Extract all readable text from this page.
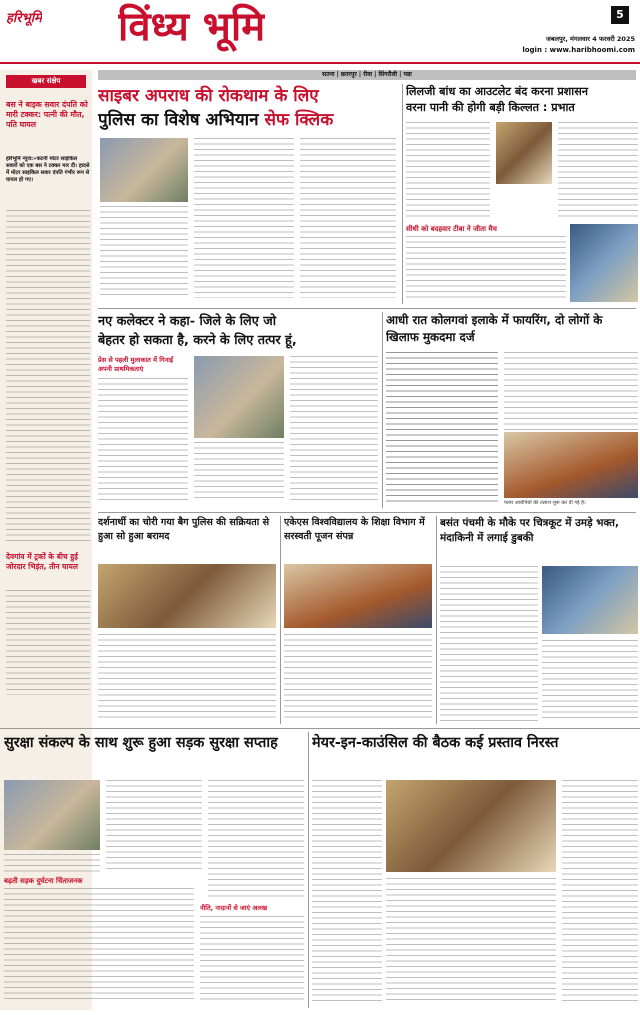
हरिभूमि विंध्य भूमि	5
जबलपुर, मंगलवार 4 फरवरी 2025
login : www.haribhoomi.com
खबर संक्षेप
बस ने बाइक सवार दंपति को मारी टक्कर: पत्नी की मौत, पति घायल
हरिभूमि न्यूज:»कटनी मोटर साइकिल सवारों को एक बस ने टक्कर मार दी। हादसे में मोटर साइकिल सवार दंपति गंभीर रूप से घायल हो गए।
देवगांव में ट्रकों के बीच हुई जोरदार भिड़ंत, तीन घायल
सतना | छतरपुर | रीवा | सिंगरौली | पन्ना
साइबर अपराध की रोकथाम के लिए
पुलिस का विशेष अभियान सेफ क्लिक
लिलजी बांध का आउटलेट बंद करना प्रशासन
वरना पानी की होगी बड़ी किल्लत : प्रभात
सीधी को बदहवार टीबा ने जीता मैच
नए कलेक्टर ने कहा- जिले के लिए जो
बेहतर हो सकता है, करने के लिए तत्पर हूं,
प्रेस से पहली मुलाकात में गिनाईं अपनी प्राथमिकताएं
आधी रात कोलगवां इलाके में फायरिंग, दो लोगों के खिलाफ मुकदमा दर्ज
फरार आरोपियों की तलाश शुरू कर दी गई है।
दर्शनार्थी का चोरी गया बैग पुलिस की सक्रियता से हुआ सो हुआ बरामद
एकेएस विश्वविद्यालय के शिक्षा विभाग में सरस्वती पूजन संपन्न
बसंत पंचमी के मौके पर चित्रकूट में उमड़े भक्त, मंदाकिनी में लगाई डुबकी
सुरक्षा संकल्प के साथ शुरू हुआ सड़क सुरक्षा सप्ताह
बढ़ती सड़क दुर्घटना चिंताजनक
नीति, नादानों से जाएं अलख
मेयर-इन-काउंसिल की बैठक कई प्रस्ताव निरस्त
